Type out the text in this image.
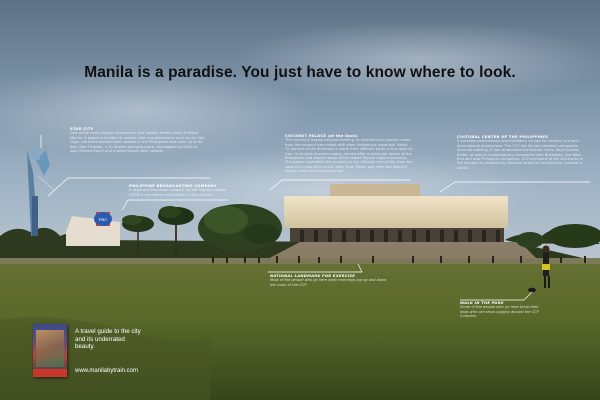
PBC
Manila is a paradise. You just have to know where to look.
STAR CITY
One of the most popular amusement and holiday theme parks in Metro Manila, it boasts a number of unique rides and attractions such as the Star Flyer, the first inverted roller coaster in the Philippines that rises up to 90 feet (Star Frisbee), a 70 degree swinging place, the biggest ice slide in Asia (Dream Zone) and a water-based roller coaster.
PHILIPPINE BROADCASTING COMPANY
A radio and television network. Its AM flagship station DZRB is the oldest radio station in the country.
COCONUT PALACE (at the back)
The country's largest coconut building, an architectural wonder made from the coconut tree mixed with other indigenous materials. About 70 percent of the structure is made from different parts of the coconut tree. It consists of seven rooms, named after a particular region of the Philippines and depicts some of the fabled Filipino regions products. The palace resembles the coconut as the ultimate tree of life, from the coconut's roots to its trunk, bark, fruit, flower and even the palace's design, form and ornamentation.
CULTURAL CENTER OF THE PHILIPPINES
It provides performance and exhibition venues for various local and international productions. The CCP has its own resident companies. Since its opening, it has showcased the Bolshoi, Kirov, Royal Danish Ballet, as well as contemporary companies from Broadway, the West End and also Philippine companies. CCP and some of the structures in the complex is designed by National Artist for Architecture Leandro V. Locsin.
NATIONAL LANDMARK FOR EXERCISE
Most of the people who go here early mornings jog up and down the ramp of the CCP.
WALK IN THE PARK
Some of the people who go here bring their dogs who can show jogging around the CCP Complex.
A travel guide to the city and its underrated beauty.
www.manilabytrain.com
